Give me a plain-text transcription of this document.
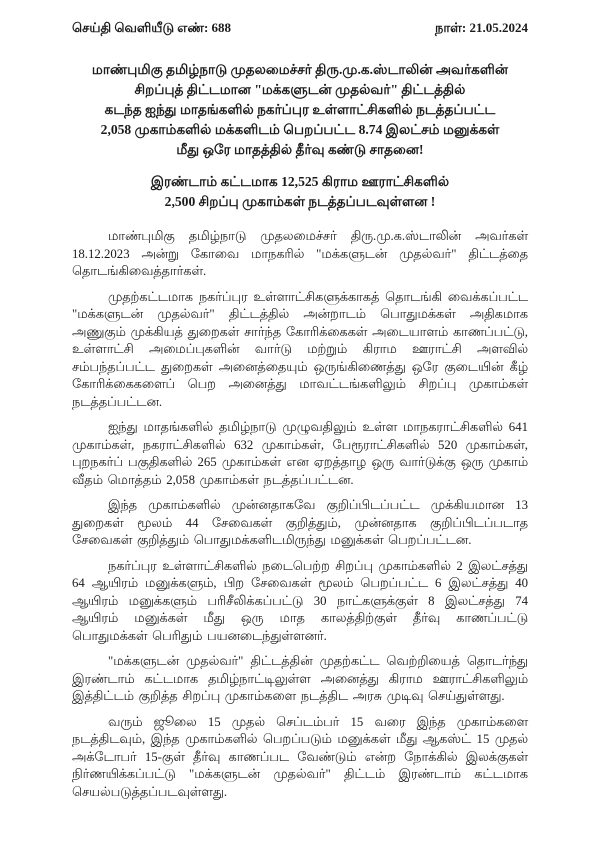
செய்தி வெளியீடு எண்: 688	நாள்: 21.05.2024
மாண்புமிகு தமிழ்நாடு முதலமைச்சர் திரு.மு.க.ஸ்டாலின் அவர்களின்
சிறப்புத் திட்டமான "மக்களுடன் முதல்வர்" திட்டத்தில்
கடந்த ஐந்து மாதங்களில் நகர்ப்புர உள்ளாட்சிகளில் நடத்தப்பட்ட
2,058 முகாம்களில் மக்களிடம் பெறப்பட்ட 8.74 இலட்சம் மனுக்கள்
மீது ஒரே மாதத்தில் தீர்வு கண்டு சாதனை!
இரண்டாம் கட்டமாக 12,525 கிராம ஊராட்சிகளில்
2,500 சிறப்பு முகாம்கள் நடத்தப்படவுள்ளன !

மாண்புமிகு தமிழ்நாடு முதலமைச்சர் திரு.மு.க.ஸ்டாலின் அவர்கள் 18.12.2023 அன்று கோவை மாநகரில் "மக்களுடன் முதல்வர்" திட்டத்தை தொடங்கிவைத்தார்கள்.

முதற்கட்டமாக நகர்ப்புர உள்ளாட்சிகளுக்காகத் தொடங்கி வைக்கப்பட்ட "மக்களுடன் முதல்வர்" திட்டத்தில் அன்றாடம் பொதுமக்கள் அதிகமாக அணுகும் முக்கியத் துறைகள் சார்ந்த கோரிக்கைகள் அடையாளம் காணப்பட்டு, உள்ளாட்சி அமைப்புகளின் வார்டு மற்றும் கிராம ஊராட்சி அளவில் சம்பந்தப்பட்ட துறைகள் அனைத்தையும் ஒருங்கிணைத்து ஒரே குடையின் கீழ் கோரிக்கைகளைப் பெற அனைத்து மாவட்டங்களிலும் சிறப்பு முகாம்கள் நடத்தப்பட்டன.

ஐந்து மாதங்களில் தமிழ்நாடு முழுவதிலும் உள்ள மாநகராட்சிகளில் 641 முகாம்கள், நகராட்சிகளில் 632 முகாம்கள், பேரூராட்சிகளில் 520 முகாம்கள், புறநகர்ப் பகுதிகளில் 265 முகாம்கள் என ஏறத்தாழ ஒரு வார்டுக்கு ஒரு முகாம் வீதம் மொத்தம் 2,058 முகாம்கள் நடத்தப்பட்டன.

இந்த முகாம்களில் முன்னதாகவே குறிப்பிடப்பட்ட முக்கியமான 13 துறைகள் மூலம் 44 சேவைகள் குறித்தும், முன்னதாக குறிப்பிடப்படாத சேவைகள் குறித்தும் பொதுமக்களிடமிருந்து மனுக்கள் பெறப்பட்டன.

நகர்ப்புர உள்ளாட்சிகளில் நடைபெற்ற சிறப்பு முகாம்களில் 2 இலட்சத்து 64 ஆயிரம் மனுக்களும், பிற சேவைகள் மூலம் பெறப்பட்ட 6 இலட்சத்து 40 ஆயிரம் மனுக்களும் பரிசீலிக்கப்பட்டு 30 நாட்களுக்குள் 8 இலட்சத்து 74 ஆயிரம் மனுக்கள் மீது ஒரு மாத காலத்திற்குள் தீர்வு காணப்பட்டு பொதுமக்கள் பெரிதும் பயனடைந்துள்ளனர்.

"மக்களுடன் முதல்வர்" திட்டத்தின் முதற்கட்ட வெற்றியைத் தொடர்ந்து இரண்டாம் கட்டமாக தமிழ்நாட்டிலுள்ள அனைத்து கிராம ஊராட்சிகளிலும் இத்திட்டம் குறித்த சிறப்பு முகாம்களை நடத்திட அரசு முடிவு செய்துள்ளது.

வரும் ஜூலை 15 முதல் செப்டம்பர் 15 வரை இந்த முகாம்களை நடத்திடவும், இந்த முகாம்களில் பெறப்படும் மனுக்கள் மீது ஆகஸ்ட் 15 முதல் அக்டோபர் 15-குள் தீர்வு காணப்பட வேண்டும் என்ற நோக்கில் இலக்குகள் நிர்ணயிக்கப்பட்டு "மக்களுடன் முதல்வர்" திட்டம் இரண்டாம் கட்டமாக செயல்படுத்தப்படவுள்ளது.
